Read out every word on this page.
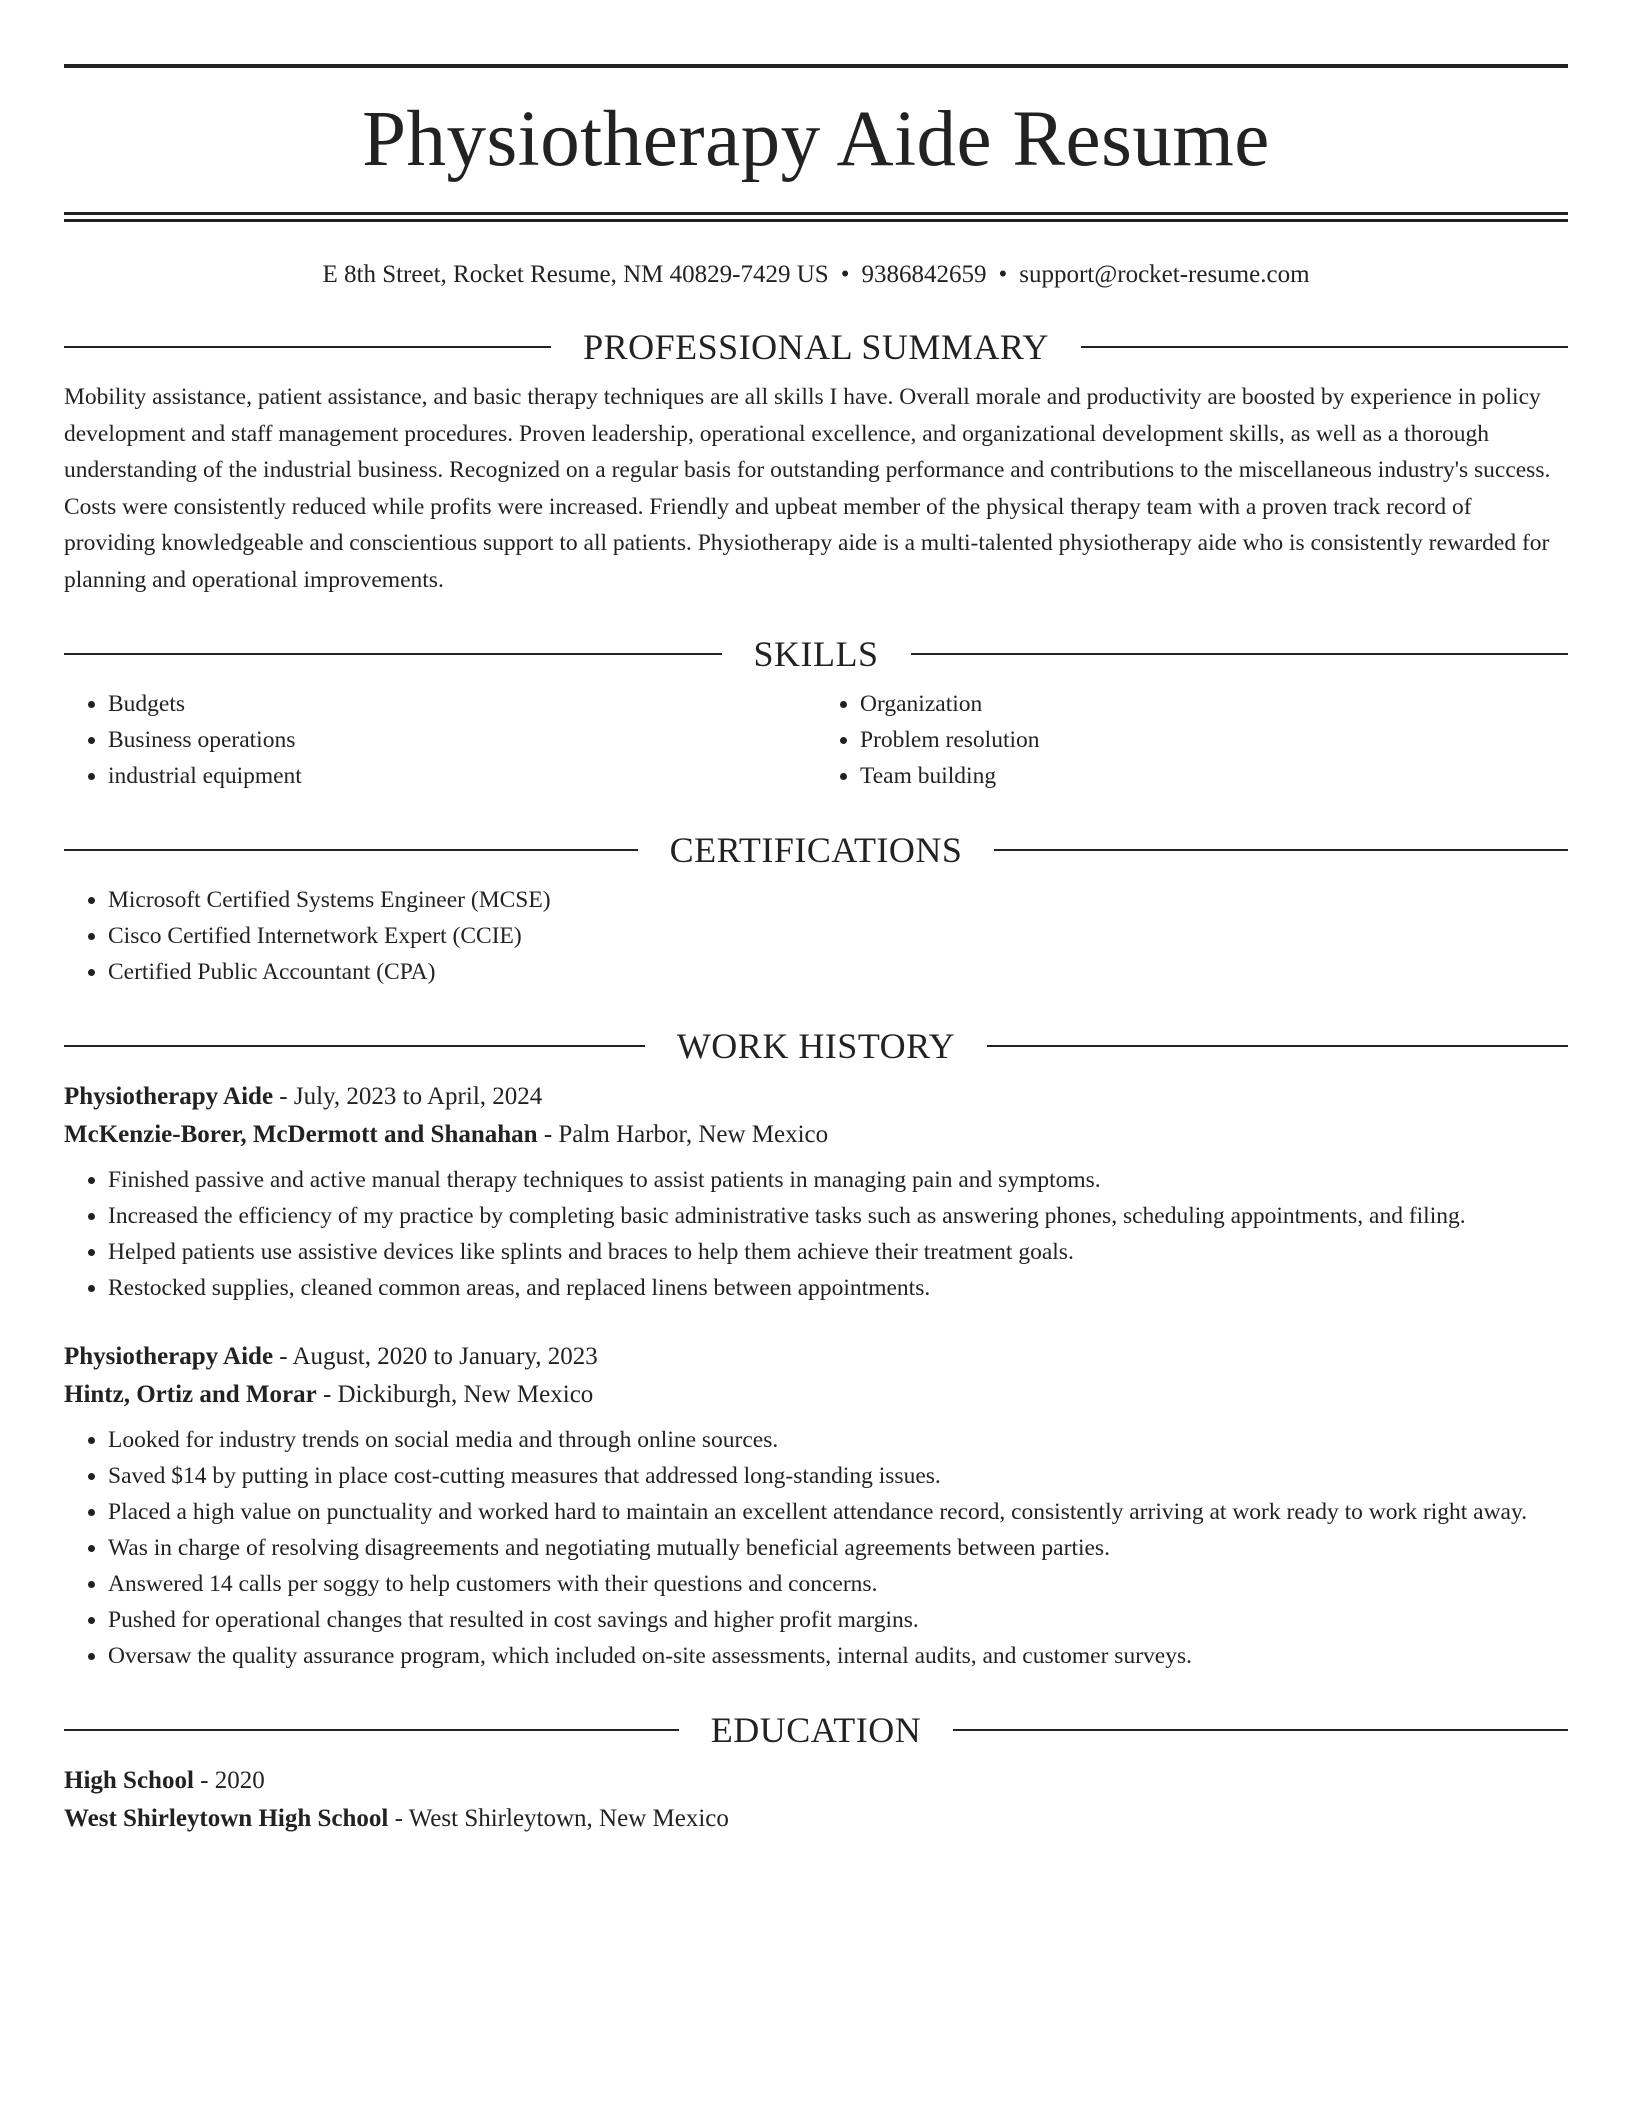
Physiotherapy Aide Resume
E 8th Street, Rocket Resume, NM 40829-7429 US • 9386842659 • support@rocket-resume.com
PROFESSIONAL SUMMARY

Mobility assistance, patient assistance, and basic therapy techniques are all skills I have. Overall morale and productivity are boosted by experience in policy development and staff management procedures. Proven leadership, operational excellence, and organizational development skills, as well as a thorough understanding of the industrial business. Recognized on a regular basis for outstanding performance and contributions to the miscellaneous industry's success. Costs were consistently reduced while profits were increased. Friendly and upbeat member of the physical therapy team with a proven track record of providing knowledgeable and conscientious support to all patients. Physiotherapy aide is a multi-talented physiotherapy aide who is consistently rewarded for planning and operational improvements.

SKILLS
• Budgets
• Business operations
• industrial equipment
• Organization
• Problem resolution
• Team building
CERTIFICATIONS
• Microsoft Certified Systems Engineer (MCSE)
• Cisco Certified Internetwork Expert (CCIE)
• Certified Public Accountant (CPA)
WORK HISTORY
Physiotherapy Aide - July, 2023 to April, 2024
McKenzie-Borer, McDermott and Shanahan - Palm Harbor, New Mexico
• Finished passive and active manual therapy techniques to assist patients in managing pain and symptoms.
• Increased the efficiency of my practice by completing basic administrative tasks such as answering phones, scheduling appointments, and filing.
• Helped patients use assistive devices like splints and braces to help them achieve their treatment goals.
• Restocked supplies, cleaned common areas, and replaced linens between appointments.
Physiotherapy Aide - August, 2020 to January, 2023
Hintz, Ortiz and Morar - Dickiburgh, New Mexico
• Looked for industry trends on social media and through online sources.
• Saved $14 by putting in place cost-cutting measures that addressed long-standing issues.
• Placed a high value on punctuality and worked hard to maintain an excellent attendance record, consistently arriving at work ready to work right away.
• Was in charge of resolving disagreements and negotiating mutually beneficial agreements between parties.
• Answered 14 calls per soggy to help customers with their questions and concerns.
• Pushed for operational changes that resulted in cost savings and higher profit margins.
• Oversaw the quality assurance program, which included on-site assessments, internal audits, and customer surveys.
EDUCATION
High School - 2020
West Shirleytown High School - West Shirleytown, New Mexico
